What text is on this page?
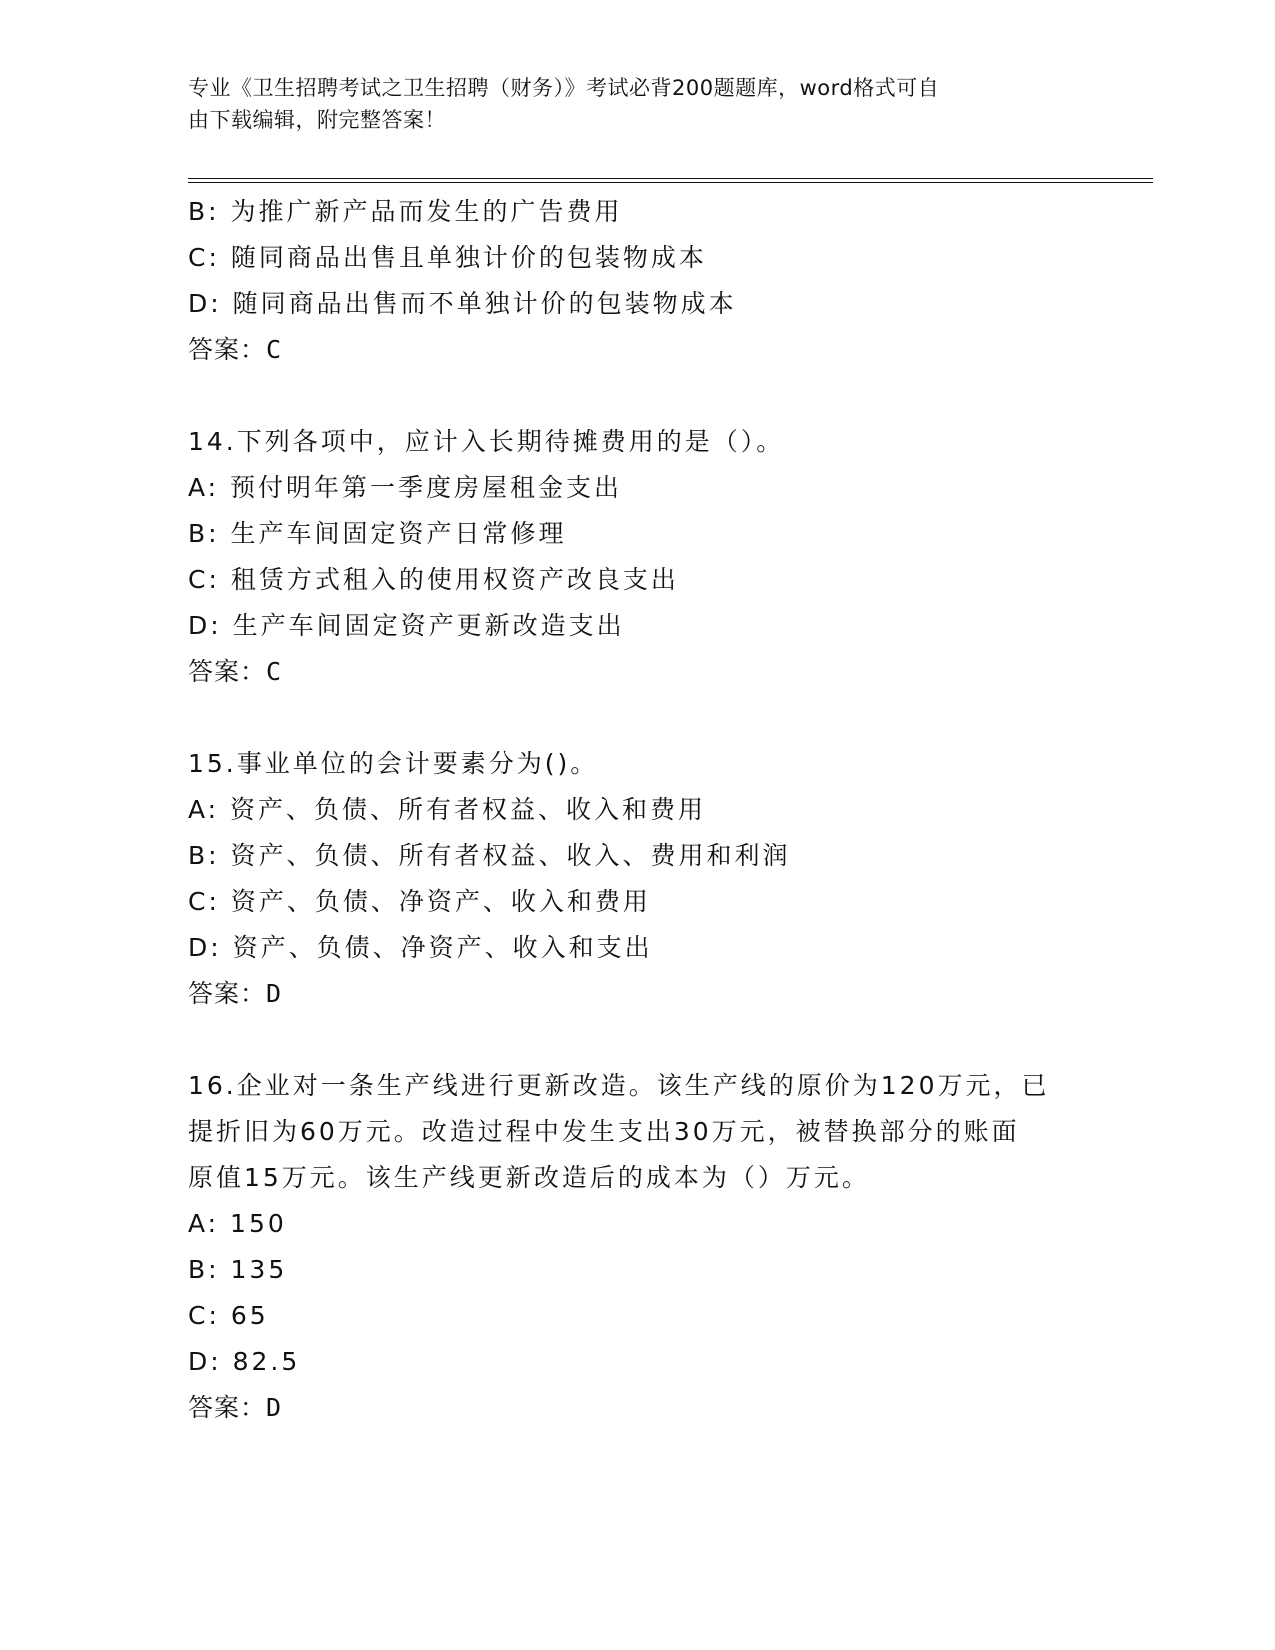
专业《卫生招聘考试之卫生招聘（财务）》考试必背200题题库，word格式可自
由下载编辑，附完整答案！
B: 为推广新产品而发生的广告费用
C: 随同商品出售且单独计价的包装物成本
D: 随同商品出售而不单独计价的包装物成本
答案：C
14.下列各项中，应计入长期待摊费用的是（）。
A: 预付明年第一季度房屋租金支出
B: 生产车间固定资产日常修理
C: 租赁方式租入的使用权资产改良支出
D: 生产车间固定资产更新改造支出
答案：C
15.事业单位的会计要素分为()。
A: 资产、负债、所有者权益、收入和费用
B: 资产、负债、所有者权益、收入、费用和利润
C: 资产、负债、净资产、收入和费用
D: 资产、负债、净资产、收入和支出
答案：D
16.企业对一条生产线进行更新改造。该生产线的原价为120万元，已
提折旧为60万元。改造过程中发生支出30万元，被替换部分的账面
原值15万元。该生产线更新改造后的成本为（）万元。
A: 150
B: 135
C: 65
D: 82.5
答案：D
